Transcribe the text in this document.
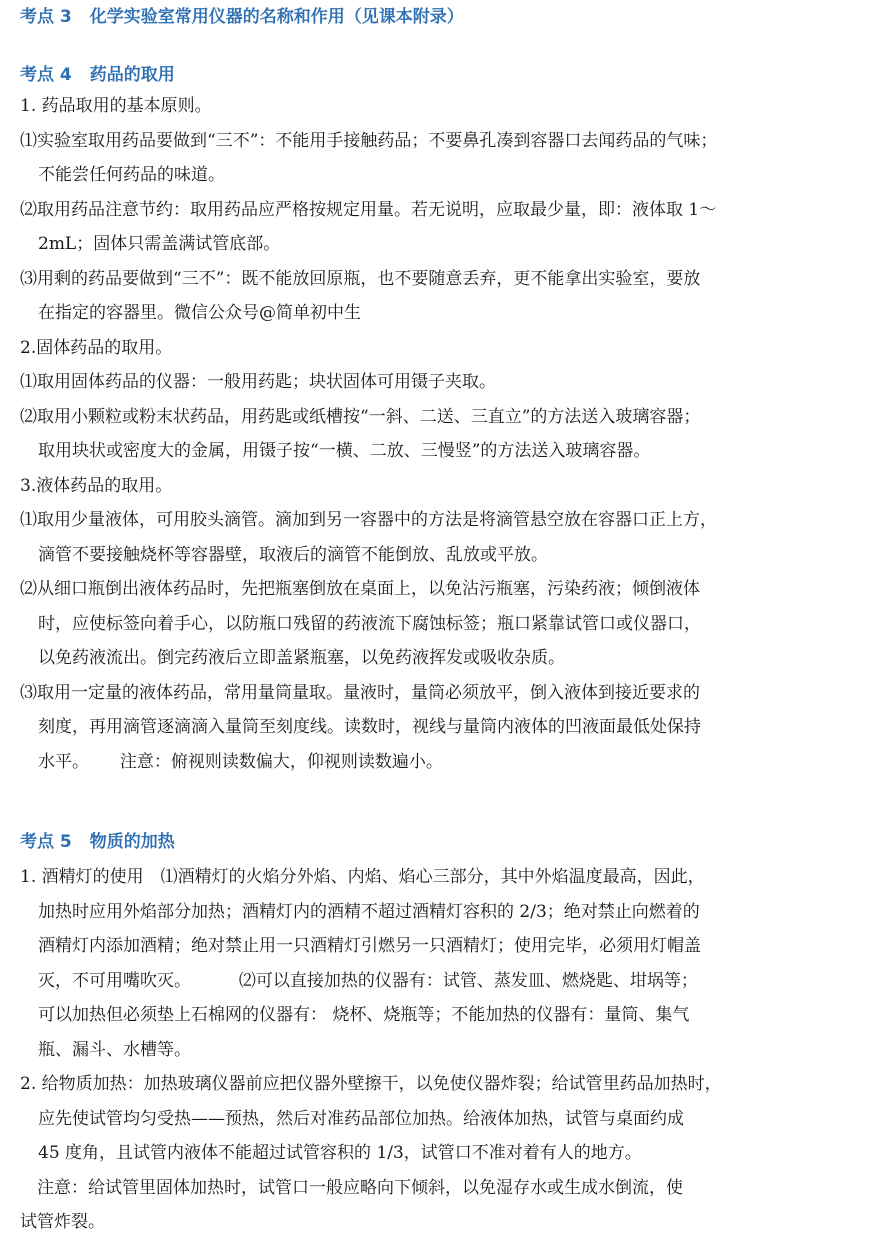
考点 3 化学实验室常用仪器的名称和作用（见课本附录）
考点 4 药品的取用
1. 药品取用的基本原则。
⑴实验室取用药品要做到“三不”：不能用手接触药品；不要鼻孔凑到容器口去闻药品的气味；
不能尝任何药品的味道。
⑵取用药品注意节约：取用药品应严格按规定用量。若无说明，应取最少量，即：液体取 1～
2mL；固体只需盖满试管底部。
⑶用剩的药品要做到“三不”：既不能放回原瓶，也不要随意丢弃，更不能拿出实验室，要放
在指定的容器里。微信公众号@简单初中生
2.固体药品的取用。
⑴取用固体药品的仪器：一般用药匙；块状固体可用镊子夹取。
⑵取用小颗粒或粉末状药品，用药匙或纸槽按“一斜、二送、三直立”的方法送入玻璃容器；
取用块状或密度大的金属，用镊子按“一横、二放、三慢竖”的方法送入玻璃容器。
3.液体药品的取用。
⑴取用少量液体，可用胶头滴管。滴加到另一容器中的方法是将滴管悬空放在容器口正上方，
滴管不要接触烧杯等容器壁，取液后的滴管不能倒放、乱放或平放。
⑵从细口瓶倒出液体药品时，先把瓶塞倒放在桌面上，以免沾污瓶塞，污染药液；倾倒液体
时，应使标签向着手心，以防瓶口残留的药液流下腐蚀标签；瓶口紧靠试管口或仪器口，
以免药液流出。倒完药液后立即盖紧瓶塞，以免药液挥发或吸收杂质。
⑶取用一定量的液体药品，常用量筒量取。量液时，量筒必须放平，倒入液体到接近要求的
刻度，再用滴管逐滴滴入量筒至刻度线。读数时，视线与量筒内液体的凹液面最低处保持
水平。　　 注意：俯视则读数偏大，仰视则读数遍小。
考点 5 物质的加热
1. 酒精灯的使用　⑴酒精灯的火焰分外焰、内焰、焰心三部分，其中外焰温度最高，因此，
加热时应用外焰部分加热；酒精灯内的酒精不超过酒精灯容积的 2/3；绝对禁止向燃着的
酒精灯内添加酒精；绝对禁止用一只酒精灯引燃另一只酒精灯；使用完毕，必须用灯帽盖
灭，不可用嘴吹灭。　　　 ⑵可以直接加热的仪器有：试管、蒸发皿、燃烧匙、坩埚等；
可以加热但必须垫上石棉网的仪器有： 烧杯、烧瓶等；不能加热的仪器有：量筒、集气
瓶、漏斗、水槽等。
2. 给物质加热：加热玻璃仪器前应把仪器外壁擦干，以免使仪器炸裂；给试管里药品加热时，
应先使试管均匀受热——预热，然后对准药品部位加热。给液体加热，试管与桌面约成
45 度角，且试管内液体不能超过试管容积的 1/3，试管口不准对着有人的地方。
　注意：给试管里固体加热时，试管口一般应略向下倾斜，以免湿存水或生成水倒流，使
试管炸裂。
